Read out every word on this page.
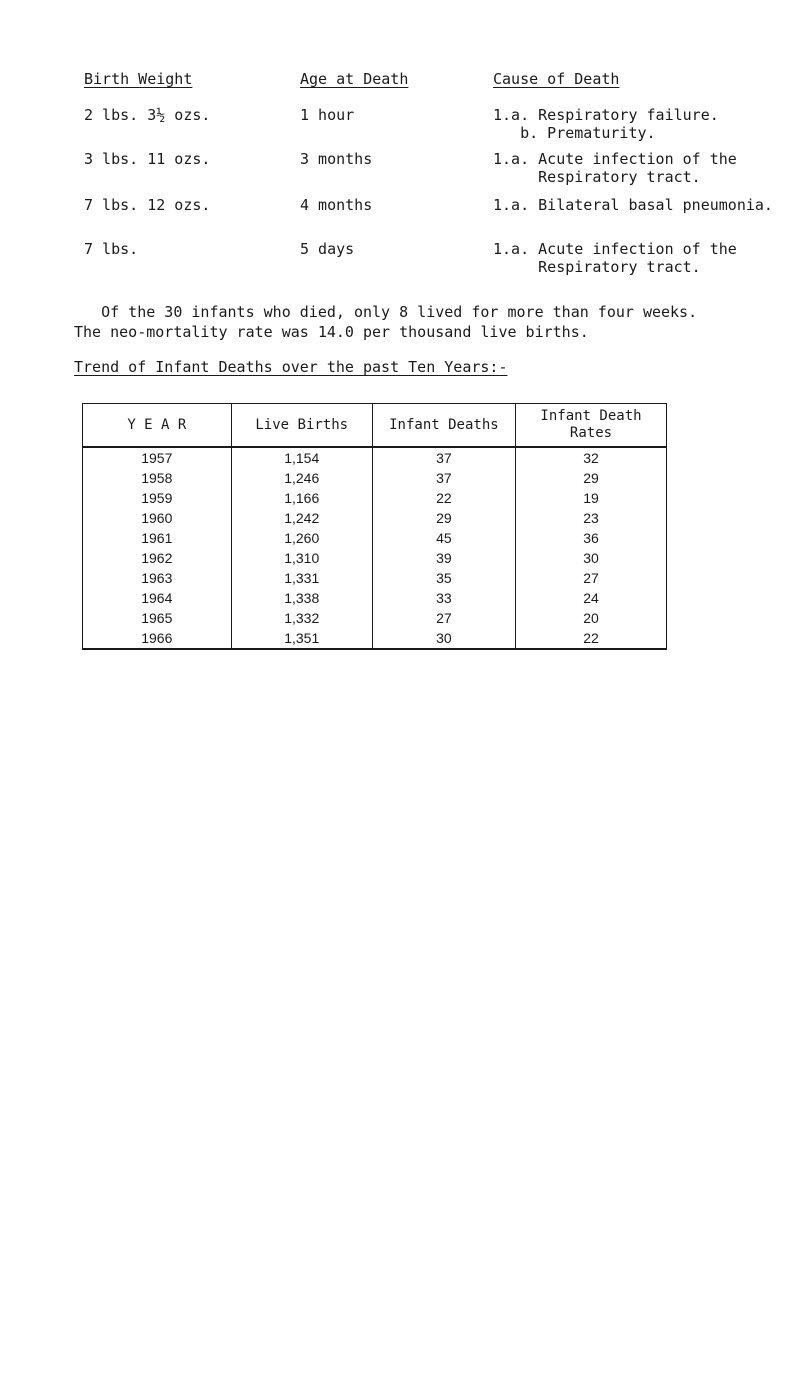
Birth Weight	Age at Death	Cause of Death
2 lbs. 3½ ozs.	1 hour	1.a. Respiratory failure.
b. Prematurity.
3 lbs. 11 ozs.	3 months	1.a. Acute infection of the
Respiratory tract.
7 lbs. 12 ozs.	4 months	1.a. Bilateral basal pneumonia.
7 lbs.	5 days	1.a. Acute infection of the
Respiratory tract.
Of the 30 infants who died, only 8 lived for more than four weeks.
The neo-mortality rate was 14.0 per thousand live births.
Trend of Infant Deaths over the past Ten Years:-
Y E A R	Live Births	Infant Deaths	Infant Death Rates
1957	1,154	37	32
1958	1,246	37	29
1959	1,166	22	19
1960	1,242	29	23
1961	1,260	45	36
1962	1,310	39	30
1963	1,331	35	27
1964	1,338	33	24
1965	1,332	27	20
1966	1,351	30	22
